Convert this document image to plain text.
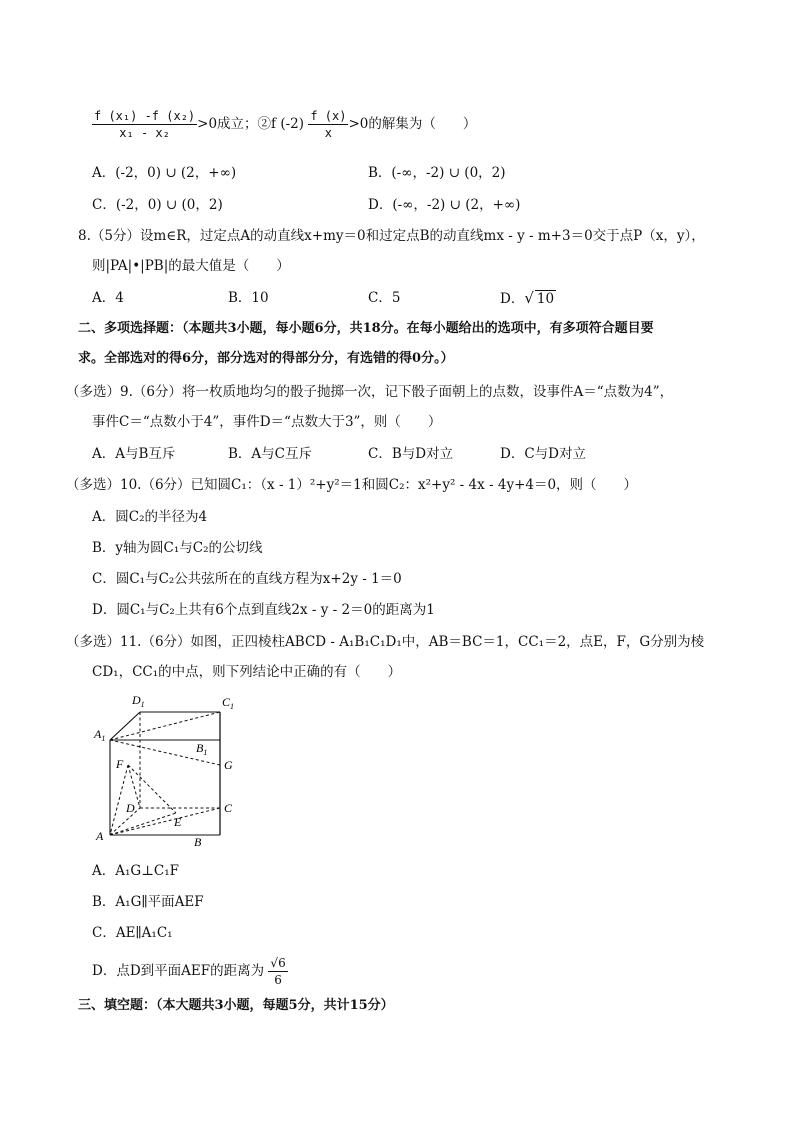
$\frac{\text{f (x₁) -f (x₂)}}{\text{x₁ - x₂}} >0$成立；②f $(-2) \frac{f (x)}{x} >0$的解集为（　　）
A．(-2，0) ∪ (2，+∞)	B．(-∞，-2) ∪ (0，2)
C．(-2，0) ∪ (0，2)	D．(-∞，-2) ∪ (2，+∞)
8.（5分）设m∈R，过定点A的动直线x+my＝0和过定点B的动直线mx - y - m+3＝0交于点P（x，y），
则|PA|•|PB|的最大值是（　　）
A．4	B．10	C．5	D．√ 10
二、多项选择题：（本题共3小题，每小题6分，共18分。在每小题给出的选项中，有多项符合题目要
求。全部选对的得6分，部分选对的得部分分，有选错的得0分。）
（多选）9.（6分）将一枚质地均匀的骰子抛掷一次，记下骰子面朝上的点数，设事件A＝“点数为4”，
事件C＝“点数小于4”，事件D＝“点数大于3”，则（　　）
A．A与B互斥	B．A与C互斥	C．B与D对立	D．C与D对立
（多选）10.（6分）已知圆C₁：（x - 1）²+y²＝1和圆C₂：x²+y² - 4x - 4y+4＝0，则（　　）
A．圆C₂的半径为4
B．y轴为圆C₁与C₂的公切线
C．圆C₁与C₂公共弦所在的直线方程为x+2y - 1＝0
D．圆C₁与C₂上共有6个点到直线2x - y - 2＝0的距离为1
（多选）11.（6分）如图，正四棱柱ABCD - A₁B₁C₁D₁中，AB＝BC＝1，CC₁＝2，点E，F，G分别为棱
CD₁，CC₁的中点，则下列结论中正确的有（　　）
$D_1$	$C_1$
$A_1$
$B_1$
F	G
D	C
E
A	B
A．A₁G⊥C₁F
B．A₁G∥平面AEF
C．AE∥A₁C₁
D．点D到平面AEF的距离为 $\frac{√6}{6}$
三、填空题：（本大题共3小题，每题5分，共计15分）
